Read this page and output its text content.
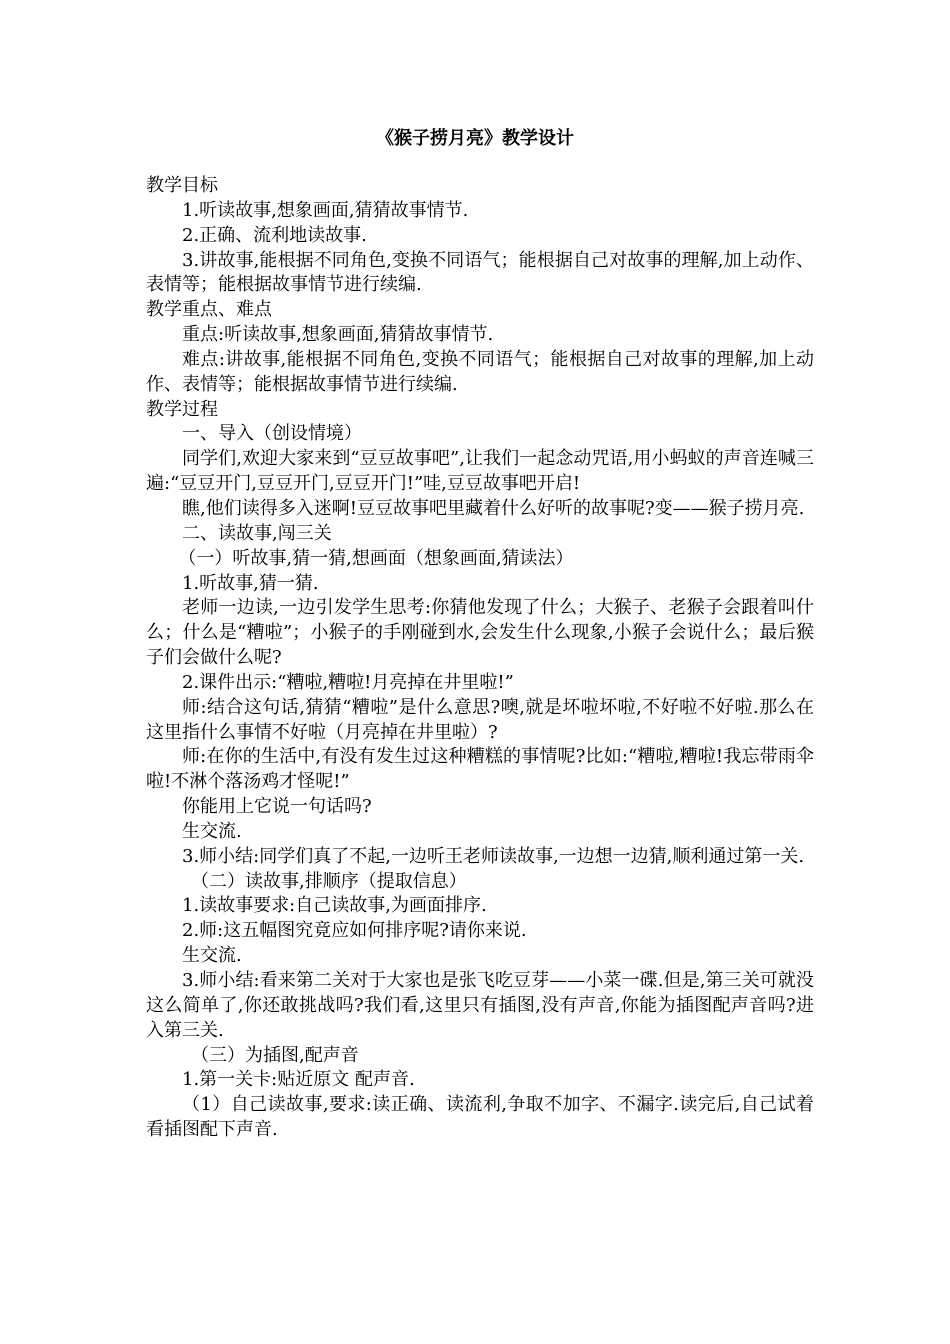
《猴子捞月亮》教学设计

教学目标

1.听读故事,想象画面,猜猜故事情节.

2.正确、流利地读故事.

3.讲故事,能根据不同角色,变换不同语气；能根据自己对故事的理解,加上动作、表情等；能根据故事情节进行续编.

教学重点、难点

重点:听读故事,想象画面,猜猜故事情节.

难点:讲故事,能根据不同角色,变换不同语气；能根据自己对故事的理解,加上动作、表情等；能根据故事情节进行续编.

教学过程

一、导入（创设情境）

同学们,欢迎大家来到“豆豆故事吧”,让我们一起念动咒语,用小蚂蚁的声音连喊三遍:“豆豆开门,豆豆开门,豆豆开门!”哇,豆豆故事吧开启!

瞧,他们读得多入迷啊!豆豆故事吧里藏着什么好听的故事呢?变——猴子捞月亮.

二、读故事,闯三关

（一）听故事,猜一猜,想画面（想象画面,猜读法）

1.听故事,猜一猜.

老师一边读,一边引发学生思考:你猜他发现了什么；大猴子、老猴子会跟着叫什么；什么是“糟啦”；小猴子的手刚碰到水,会发生什么现象,小猴子会说什么；最后猴子们会做什么呢?

2.课件出示:“糟啦,糟啦!月亮掉在井里啦!”

师:结合这句话,猜猜“糟啦”是什么意思?噢,就是坏啦坏啦,不好啦不好啦.那么在这里指什么事情不好啦（月亮掉在井里啦）?

师:在你的生活中,有没有发生过这种糟糕的事情呢?比如:“糟啦,糟啦!我忘带雨伞啦!不淋个落汤鸡才怪呢!”

你能用上它说一句话吗?

生交流.

3.师小结:同学们真了不起,一边听王老师读故事,一边想一边猜,顺利通过第一关.

（二）读故事,排顺序（提取信息）

1.读故事要求:自己读故事,为画面排序.

2.师:这五幅图究竟应如何排序呢?请你来说.

生交流.

3.师小结:看来第二关对于大家也是张飞吃豆芽——小菜一碟.但是,第三关可就没这么简单了,你还敢挑战吗?我们看,这里只有插图,没有声音,你能为插图配声音吗?进入第三关.

（三）为插图,配声音

1.第一关卡:贴近原文 配声音.

（1）自己读故事,要求:读正确、读流利,争取不加字、不漏字.读完后,自己试着看插图配下声音.
